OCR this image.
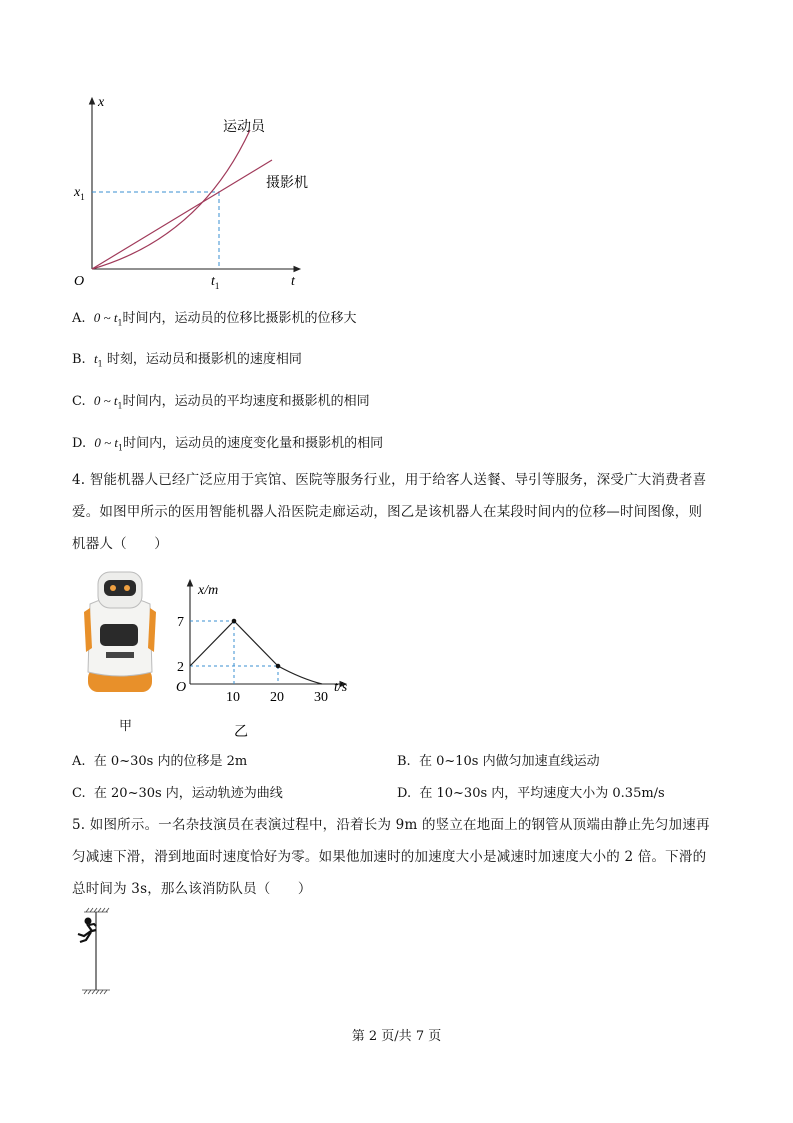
x
t
O
$x_1$
$t_1$
运动员
摄影机
A. 0 ~ $t_1$时间内，运动员的位移比摄影机的位移大
B. $t_1$ 时刻，运动员和摄影机的速度相同
C. 0 ~ $t_1$时间内，运动员的平均速度和摄影机的相同
D. 0 ~ $t_1$时间内，运动员的速度变化量和摄影机的相同
4. 智能机器人已经广泛应用于宾馆、医院等服务行业，用于给客人送餐、导引等服务，深受广大消费者喜
爱。如图甲所示的医用智能机器人沿医院走廊运动，图乙是该机器人在某段时间内的位移—时间图像，则
机器人（　　）
甲
10 20 30
2
7
O
x/m
t/s
乙
A. 在 0~30s 内的位移是 2m	B. 在 0~10s 内做匀加速直线运动
C. 在 20~30s 内，运动轨迹为曲线	D. 在 10~30s 内，平均速度大小为 0.35m/s
5. 如图所示。一名杂技演员在表演过程中，沿着长为 9m 的竖立在地面上的钢管从顶端由静止先匀加速再
匀减速下滑，滑到地面时速度恰好为零。如果他加速时的加速度大小是减速时加速度大小的 2 倍。下滑的
总时间为 3s，那么该消防队员（　　）
第 2 页/共 7 页
